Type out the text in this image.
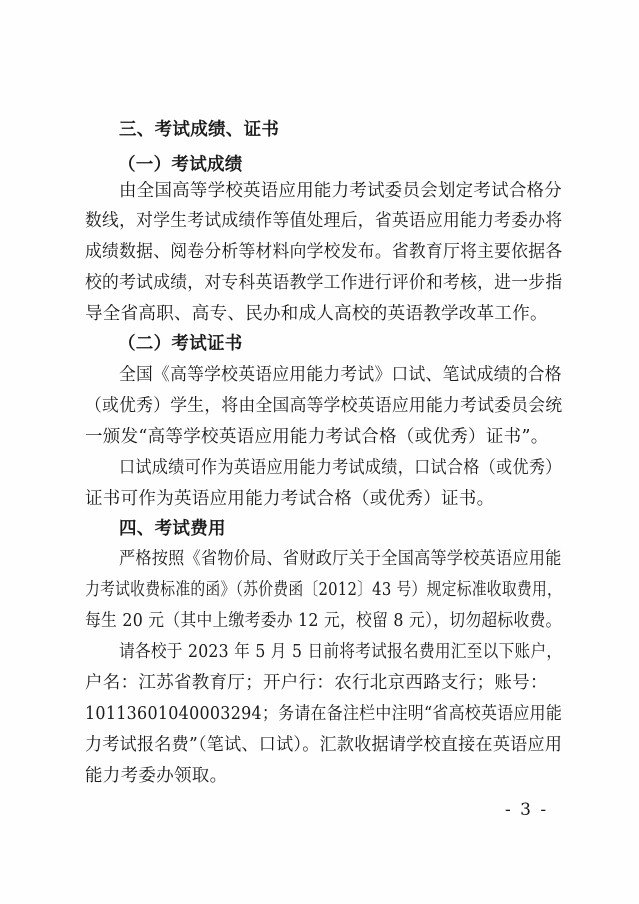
三、考试成绩、证书
（一）考试成绩
由全国高等学校英语应用能力考试委员会划定考试合格分
数线，对学生考试成绩作等值处理后，省英语应用能力考委办将
成绩数据、阅卷分析等材料向学校发布。省教育厅将主要依据各
校的考试成绩，对专科英语教学工作进行评价和考核，进一步指
导全省高职、高专、民办和成人高校的英语教学改革工作。
（二）考试证书
全国《高等学校英语应用能力考试》口试、笔试成绩的合格
（或优秀）学生，将由全国高等学校英语应用能力考试委员会统
一颁发“高等学校英语应用能力考试合格（或优秀）证书”。
口试成绩可作为英语应用能力考试成绩，口试合格（或优秀）
证书可作为英语应用能力考试合格（或优秀）证书。
四、考试费用
严格按照《省物价局、省财政厅关于全国高等学校英语应用能
力考试收费标准的函》（苏价费函〔2012〕43 号）规定标准收取费用，
每生 20 元（其中上缴考委办 12 元，校留 8 元），切勿超标收费。
请各校于 2023 年 5 月 5 日前将考试报名费用汇至以下账户，
户名：江苏省教育厅；开户行：农行北京西路支行；账号：
10113601040003294；务请在备注栏中注明“省高校英语应用能
力考试报名费”（笔试、口试）。汇款收据请学校直接在英语应用
能力考委办领取。
- 3 -
